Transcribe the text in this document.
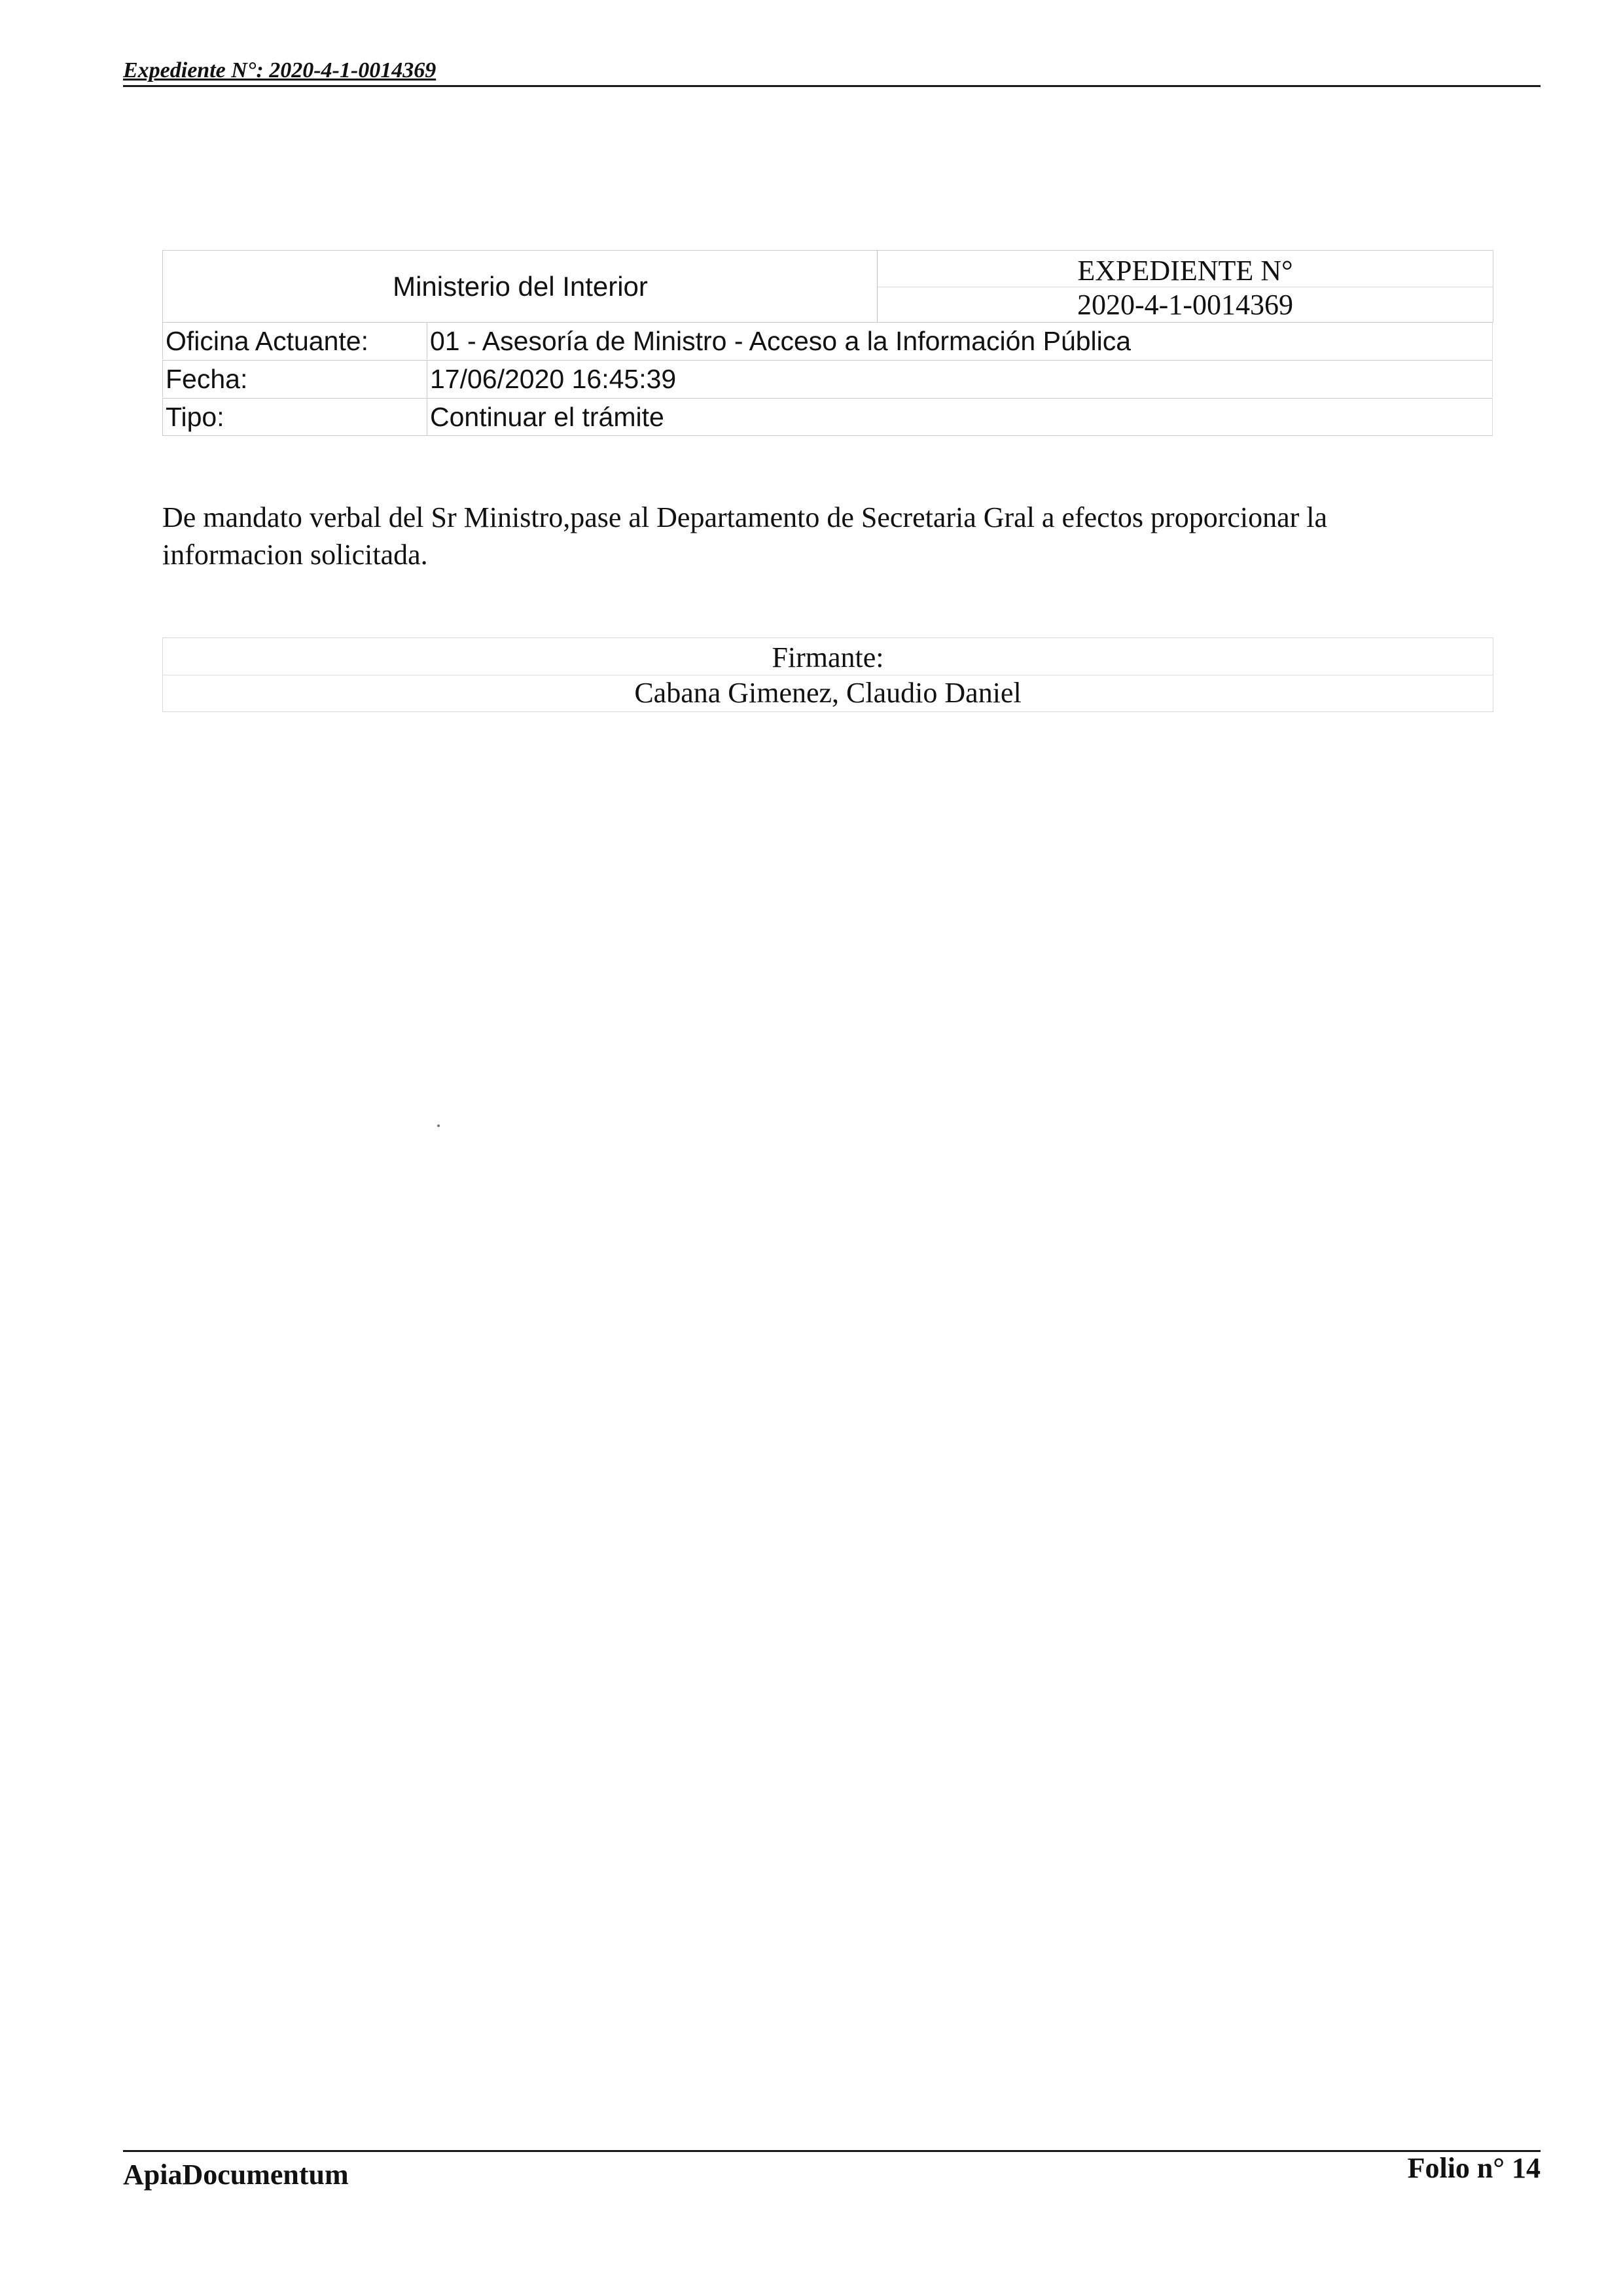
Expediente N°: 2020-4-1-0014369
Ministerio del Interior	EXPEDIENTE N°
2020-4-1-0014369
Oficina Actuante:	01 - Asesoría de Ministro - Acceso a la Información Pública
Fecha:	17/06/2020 16:45:39
Tipo:	Continuar el trámite

De mandato verbal del Sr Ministro,pase al Departamento de Secretaria Gral a efectos proporcionar la

informacion solicitada.

Firmante:
Cabana Gimenez, Claudio Daniel
ApiaDocumentum	Folio n° 14
